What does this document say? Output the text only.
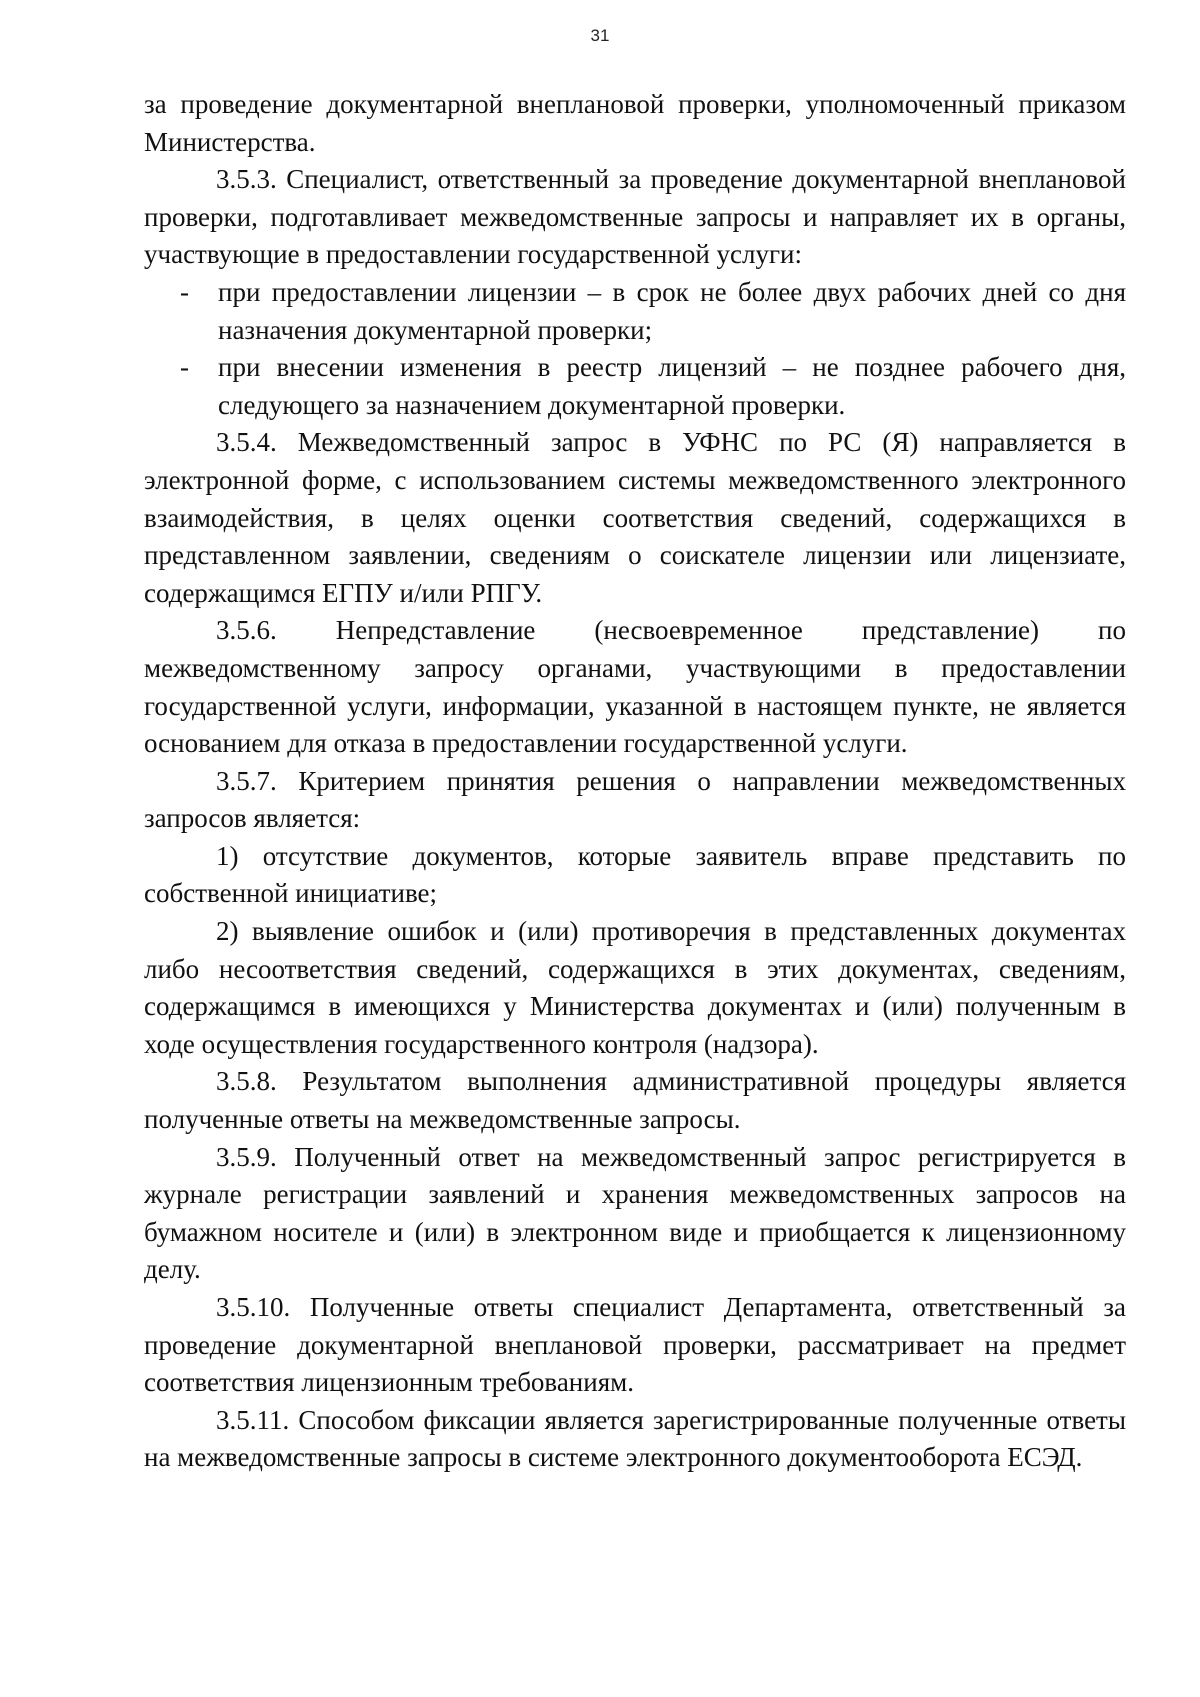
31

за проведение документарной внеплановой проверки, уполномоченный приказом Министерства.

3.5.3. Специалист, ответственный за проведение документарной внеплановой проверки, подготавливает межведомственные запросы и направляет их в органы, участвующие в предоставлении государственной услуги:

- при предоставлении лицензии – в срок не более двух рабочих дней со дня назначения документарной проверки;

- при внесении изменения в реестр лицензий – не позднее рабочего дня, следующего за назначением документарной проверки.

3.5.4. Межведомственный запрос в УФНС по РС (Я) направляется в электронной форме, с использованием системы межведомственного электронного взаимодействия, в целях оценки соответствия сведений, содержащихся в представленном заявлении, сведениям о соискателе лицензии или лицензиате, содержащимся ЕГПУ и/или РПГУ.

3.5.6. Непредставление (несвоевременное представление) по межведомственному запросу органами, участвующими в предоставлении государственной услуги, информации, указанной в настоящем пункте, не является основанием для отказа в предоставлении государственной услуги.

3.5.7. Критерием принятия решения о направлении межведомственных запросов является:

1) отсутствие документов, которые заявитель вправе представить по собственной инициативе;

2) выявление ошибок и (или) противоречия в представленных документах либо несоответствия сведений, содержащихся в этих документах, сведениям, содержащимся в имеющихся у Министерства документах и (или) полученным в ходе осуществления государственного контроля (надзора).

3.5.8. Результатом выполнения административной процедуры является полученные ответы на межведомственные запросы.

3.5.9. Полученный ответ на межведомственный запрос регистрируется в журнале регистрации заявлений и хранения межведомственных запросов на бумажном носителе и (или) в электронном виде и приобщается к лицензионному делу.

3.5.10. Полученные ответы специалист Департамента, ответственный за проведение документарной внеплановой проверки, рассматривает на предмет соответствия лицензионным требованиям.

3.5.11. Способом фиксации является зарегистрированные полученные ответы на межведомственные запросы в системе электронного документооборота ЕСЭД.
